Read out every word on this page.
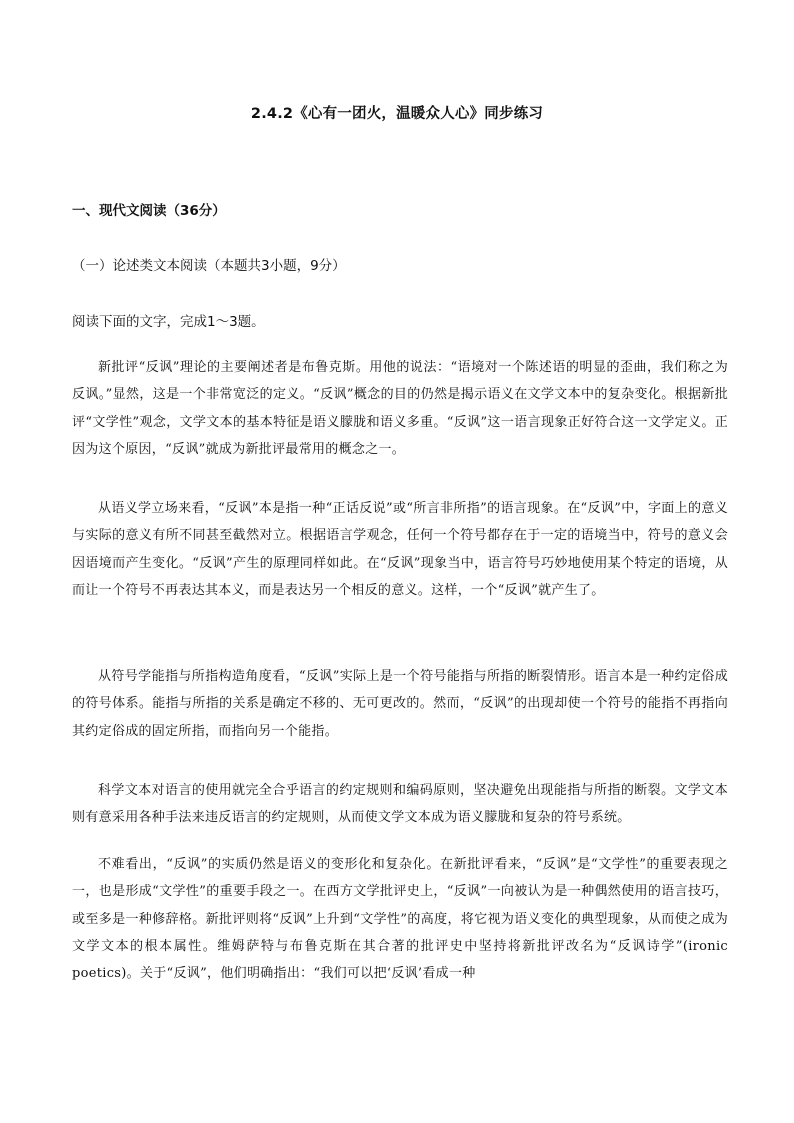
2.4.2《心有一团火，温暖众人心》同步练习
一、现代文阅读（36分）
（一）论述类文本阅读（本题共3小题，9分）
阅读下面的文字，完成1～3题。

新批评“反讽”理论的主要阐述者是布鲁克斯。用他的说法：“语境对一个陈述语的明显的歪曲，我们称之为反讽。”显然，这是一个非常宽泛的定义。“反讽”概念的目的仍然是揭示语义在文学文本中的复杂变化。根据新批评“文学性”观念，文学文本的基本特征是语义朦胧和语义多重。“反讽”这一语言现象正好符合这一文学定义。正因为这个原因，“反讽”就成为新批评最常用的概念之一。

从语义学立场来看，“反讽”本是指一种“正话反说”或“所言非所指”的语言现象。在“反讽”中，字面上的意义与实际的意义有所不同甚至截然对立。根据语言学观念，任何一个符号都存在于一定的语境当中，符号的意义会因语境而产生变化。“反讽”产生的原理同样如此。在“反讽”现象当中，语言符号巧妙地使用某个特定的语境，从而让一个符号不再表达其本义，而是表达另一个相反的意义。这样，一个“反讽”就产生了。

从符号学能指与所指构造角度看，“反讽”实际上是一个符号能指与所指的断裂情形。语言本是一种约定俗成的符号体系。能指与所指的关系是确定不移的、无可更改的。然而，“反讽”的出现却使一个符号的能指不再指向其约定俗成的固定所指，而指向另一个能指。

科学文本对语言的使用就完全合乎语言的约定规则和编码原则，坚决避免出现能指与所指的断裂。文学文本则有意采用各种手法来违反语言的约定规则，从而使文学文本成为语义朦胧和复杂的符号系统。

不难看出，“反讽”的实质仍然是语义的变形化和复杂化。在新批评看来，“反讽”是“文学性”的重要表现之一，也是形成“文学性”的重要手段之一。在西方文学批评史上，“反讽”一向被认为是一种偶然使用的语言技巧，或至多是一种修辞格。新批评则将“反讽”上升到“文学性”的高度，将它视为语义变化的典型现象，从而使之成为文学文本的根本属性。维姆萨特与布鲁克斯在其合著的批评史中坚持将新批评改名为“反讽诗学”(ironic poetics)。关于“反讽”，他们明确指出：“我们可以把‘反讽’看成一种
